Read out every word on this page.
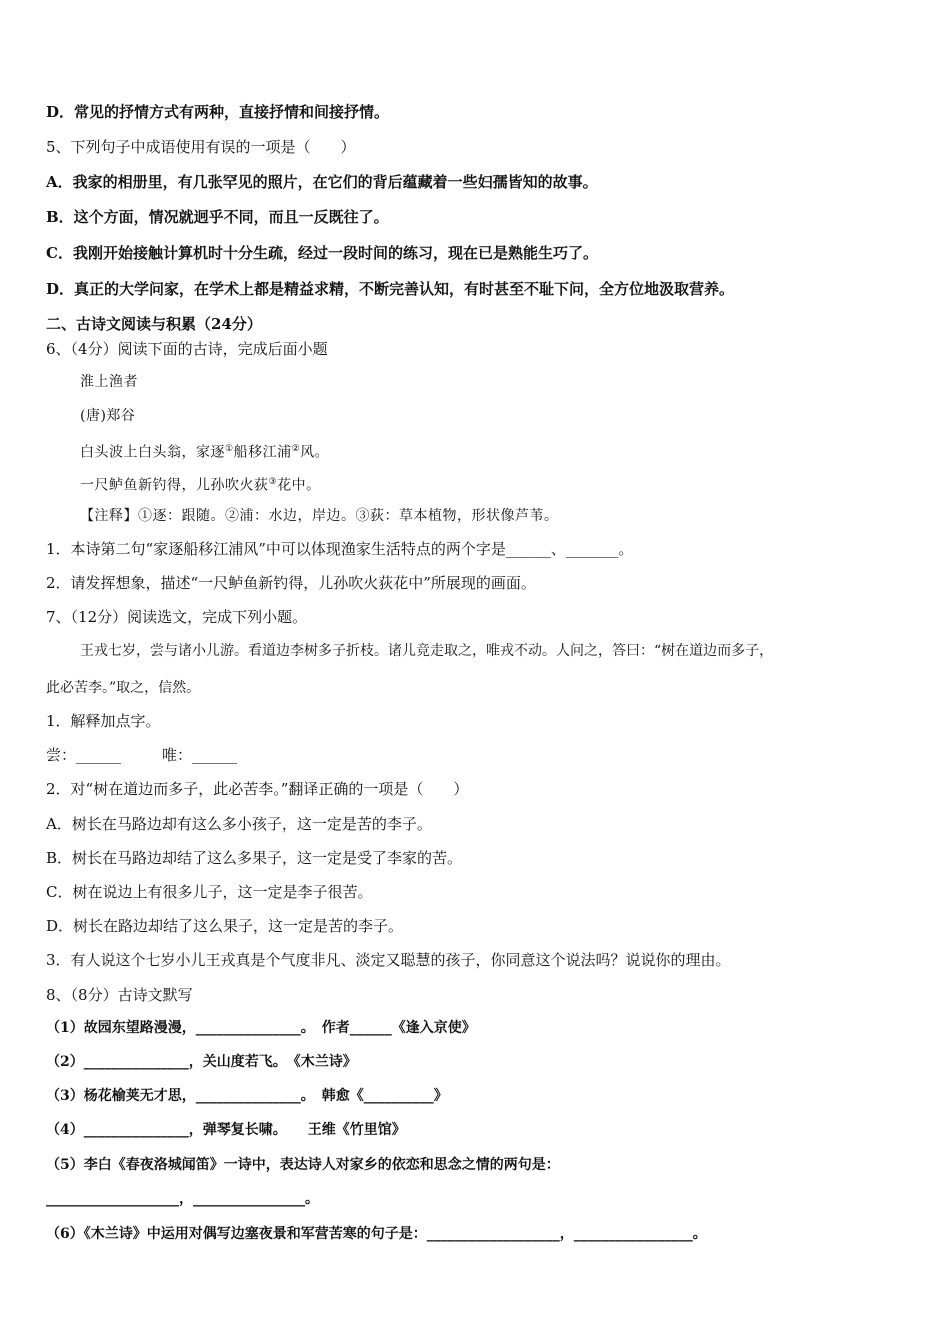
D．常见的抒情方式有两种，直接抒情和间接抒情。
5、下列句子中成语使用有误的一项是（　　）
A．我家的相册里，有几张罕见的照片，在它们的背后蕴藏着一些妇孺皆知的故事。
B．这个方面，情况就迥乎不同，而且一反既往了。
C．我刚开始接触计算机时十分生疏，经过一段时间的练习，现在已是熟能生巧了。
D．真正的大学问家，在学术上都是精益求精，不断完善认知，有时甚至不耻下问，全方位地汲取营养。
二、古诗文阅读与积累（24分）
6、（4分）阅读下面的古诗，完成后面小题
淮上渔者
(唐)郑谷
白头波上白头翁，家逐①船移江浦②风。
一尺鲈鱼新钓得，儿孙吹火荻③花中。
【注释】①逐：跟随。②浦：水边，岸边。③荻：草本植物，形状像芦苇。
1．本诗第二句“家逐船移江浦风”中可以体现渔家生活特点的两个字是______、_______。
2．请发挥想象，描述“一尺鲈鱼新钓得，儿孙吹火荻花中”所展现的画面。
7、（12分）阅读选文，完成下列小题。
王戎七岁，尝与诸小儿游。看道边李树多子折枝。诸儿竞走取之，唯戎不动。人问之，答曰：“树在道边而多子，
此必苦李。”取之，信然。
1．解释加点字。
尝：______	唯：______
2．对“树在道边而多子，此必苦李。”翻译正确的一项是（　　）
A．树长在马路边却有这么多小孩子，这一定是苦的李子。
B．树长在马路边却结了这么多果子，这一定是受了李家的苦。
C．树在说边上有很多儿子，这一定是李子很苦。
D．树长在路边却结了这么果子，这一定是苦的李子。
3．有人说这个七岁小儿王戎真是个气度非凡、淡定又聪慧的孩子，你同意这个说法吗？说说你的理由。
8、（8分）古诗文默写
（1）故园东望路漫漫，_______________。　作者______《逢入京使》
（2）_______________，关山度若飞。　《木兰诗》
（3）杨花榆荚无才思，_______________。　韩愈《__________》
（4）_______________，弹琴复长啸。　　王维《竹里馆》
（5）李白《春夜洛城闻笛》一诗中，表达诗人对家乡的依恋和思念之情的两句是：
___________________，________________。
（6）《木兰诗》中运用对偶写边塞夜景和军营苦寒的句子是：___________________，_________________。
